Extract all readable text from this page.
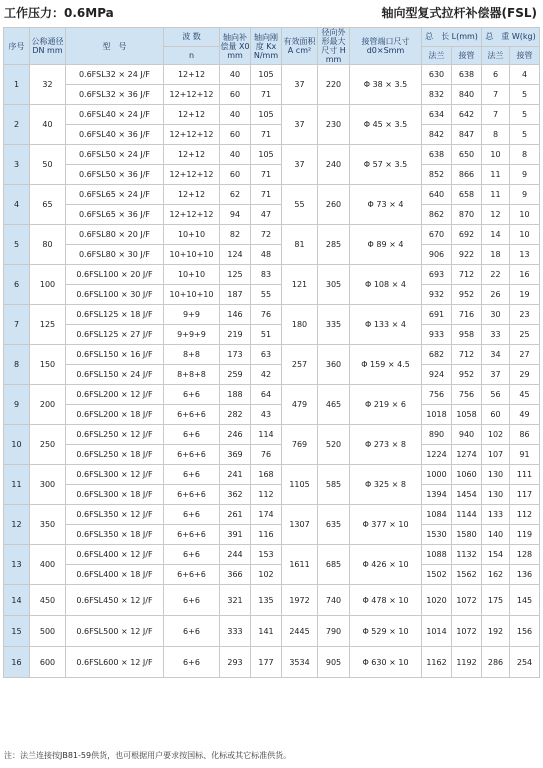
工作压力：0.6MPa	轴向型复式拉杆补偿器(FSL)
序号	公称通径 DN mm	型　号	波 数	轴向补偿量 X0 mm	轴向刚度 Kx N/mm	有效面积 A cm²	径向外形最大尺寸 H mm	接管端口尺寸 d0×Smm	总　长 L(mm)		总　重 W(kg)	
			n						法兰	接管	法兰	接管
1	32	0.6FSL32 × 24 J/F	12+12	40	105	37	220	Φ 38 × 3.5	630	638	6	4
		0.6FSL32 × 36 J/F	12+12+12	60	71				832	840	7	5
2	40	0.6FSL40 × 24 J/F	12+12	40	105	37	230	Φ 45 × 3.5	634	642	7	5
		0.6FSL40 × 36 J/F	12+12+12	60	71				842	847	8	5
3	50	0.6FSL50 × 24 J/F	12+12	40	105	37	240	Φ 57 × 3.5	638	650	10	8
		0.6FSL50 × 36 J/F	12+12+12	60	71				852	866	11	9
4	65	0.6FSL65 × 24 J/F	12+12	62	71	55	260	Φ 73 × 4	640	658	11	9
		0.6FSL65 × 36 J/F	12+12+12	94	47				862	870	12	10
5	80	0.6FSL80 × 20 J/F	10+10	82	72	81	285	Φ 89 × 4	670	692	14	10
		0.6FSL80 × 30 J/F	10+10+10	124	48				906	922	18	13
6	100	0.6FSL100 × 20 J/F	10+10	125	83	121	305	Φ 108 × 4	693	712	22	16
		0.6FSL100 × 30 J/F	10+10+10	187	55				932	952	26	19
7	125	0.6FSL125 × 18 J/F	9+9	146	76	180	335	Φ 133 × 4	691	716	30	23
		0.6FSL125 × 27 J/F	9+9+9	219	51				933	958	33	25
8	150	0.6FSL150 × 16 J/F	8+8	173	63	257	360	Φ 159 × 4.5	682	712	34	27
		0.6FSL150 × 24 J/F	8+8+8	259	42				924	952	37	29
9	200	0.6FSL200 × 12 J/F	6+6	188	64	479	465	Φ 219 × 6	756	756	56	45
		0.6FSL200 × 18 J/F	6+6+6	282	43				1018	1058	60	49
10	250	0.6FSL250 × 12 J/F	6+6	246	114	769	520	Φ 273 × 8	890	940	102	86
		0.6FSL250 × 18 J/F	6+6+6	369	76				1224	1274	107	91
11	300	0.6FSL300 × 12 J/F	6+6	241	168	1105	585	Φ 325 × 8	1000	1060	130	111
		0.6FSL300 × 18 J/F	6+6+6	362	112				1394	1454	130	117
12	350	0.6FSL350 × 12 J/F	6+6	261	174	1307	635	Φ 377 × 10	1084	1144	133	112
		0.6FSL350 × 18 J/F	6+6+6	391	116				1530	1580	140	119
13	400	0.6FSL400 × 12 J/F	6+6	244	153	1611	685	Φ 426 × 10	1088	1132	154	128
		0.6FSL400 × 18 J/F	6+6+6	366	102				1502	1562	162	136
14	450	0.6FSL450 × 12 J/F	6+6	321	135	1972	740	Φ 478 × 10	1020	1072	175	145
15	500	0.6FSL500 × 12 J/F	6+6	333	141	2445	790	Φ 529 × 10	1014	1072	192	156
16	600	0.6FSL600 × 12 J/F	6+6	293	177	3534	905	Φ 630 × 10	1162	1192	286	254
注：法兰连接按JB81-59供货，也可根据用户要求按国标、化标或其它标准供货。
